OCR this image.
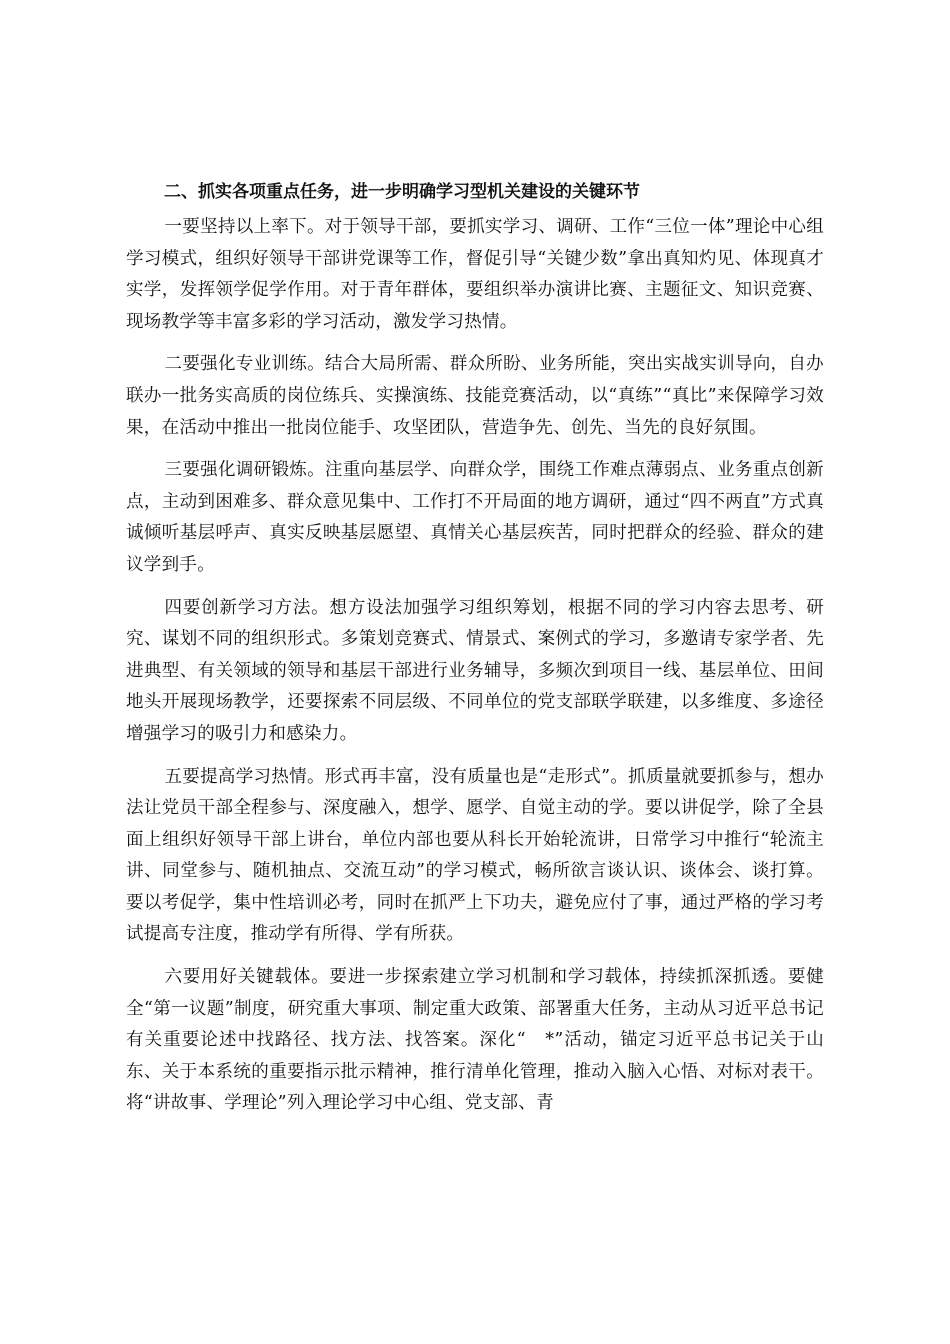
二、抓实各项重点任务，进一步明确学习型机关建设的关键环节

一要坚持以上率下。对于领导干部，要抓实学习、调研、工作“三位一体”理论中心组学习模式，组织好领导干部讲党课等工作，督促引导“关键少数”拿出真知灼见、体现真才实学，发挥领学促学作用。对于青年群体，要组织举办演讲比赛、主题征文、知识竞赛、现场教学等丰富多彩的学习活动，激发学习热情。

二要强化专业训练。结合大局所需、群众所盼、业务所能，突出实战实训导向，自办联办一批务实高质的岗位练兵、实操演练、技能竞赛活动，以“真练”“真比”来保障学习效果，在活动中推出一批岗位能手、攻坚团队，营造争先、创先、当先的良好氛围。

三要强化调研锻炼。注重向基层学、向群众学，围绕工作难点薄弱点、业务重点创新点，主动到困难多、群众意见集中、工作打不开局面的地方调研，通过“四不两直”方式真诚倾听基层呼声、真实反映基层愿望、真情关心基层疾苦，同时把群众的经验、群众的建议学到手。

四要创新学习方法。想方设法加强学习组织筹划，根据不同的学习内容去思考、研究、谋划不同的组织形式。多策划竞赛式、情景式、案例式的学习，多邀请专家学者、先进典型、有关领域的领导和基层干部进行业务辅导，多频次到项目一线、基层单位、田间地头开展现场教学，还要探索不同层级、不同单位的党支部联学联建，以多维度、多途径增强学习的吸引力和感染力。

五要提高学习热情。形式再丰富，没有质量也是“走形式”。抓质量就要抓参与，想办法让党员干部全程参与、深度融入，想学、愿学、自觉主动的学。要以讲促学，除了全县面上组织好领导干部上讲台，单位内部也要从科长开始轮流讲，日常学习中推行“轮流主讲、同堂参与、随机抽点、交流互动”的学习模式，畅所欲言谈认识、谈体会、谈打算。要以考促学，集中性培训必考，同时在抓严上下功夫，避免应付了事，通过严格的学习考试提高专注度，推动学有所得、学有所获。

六要用好关键载体。要进一步探索建立学习机制和学习载体，持续抓深抓透。要健全“第一议题”制度，研究重大事项、制定重大政策、部署重大任务，主动从习近平总书记有关重要论述中找路径、找方法、找答案。深化“　*”活动，锚定习近平总书记关于山东、关于本系统的重要指示批示精神，推行清单化管理，推动入脑入心悟、对标对表干。将“讲故事、学理论”列入理论学习中心组、党支部、青
